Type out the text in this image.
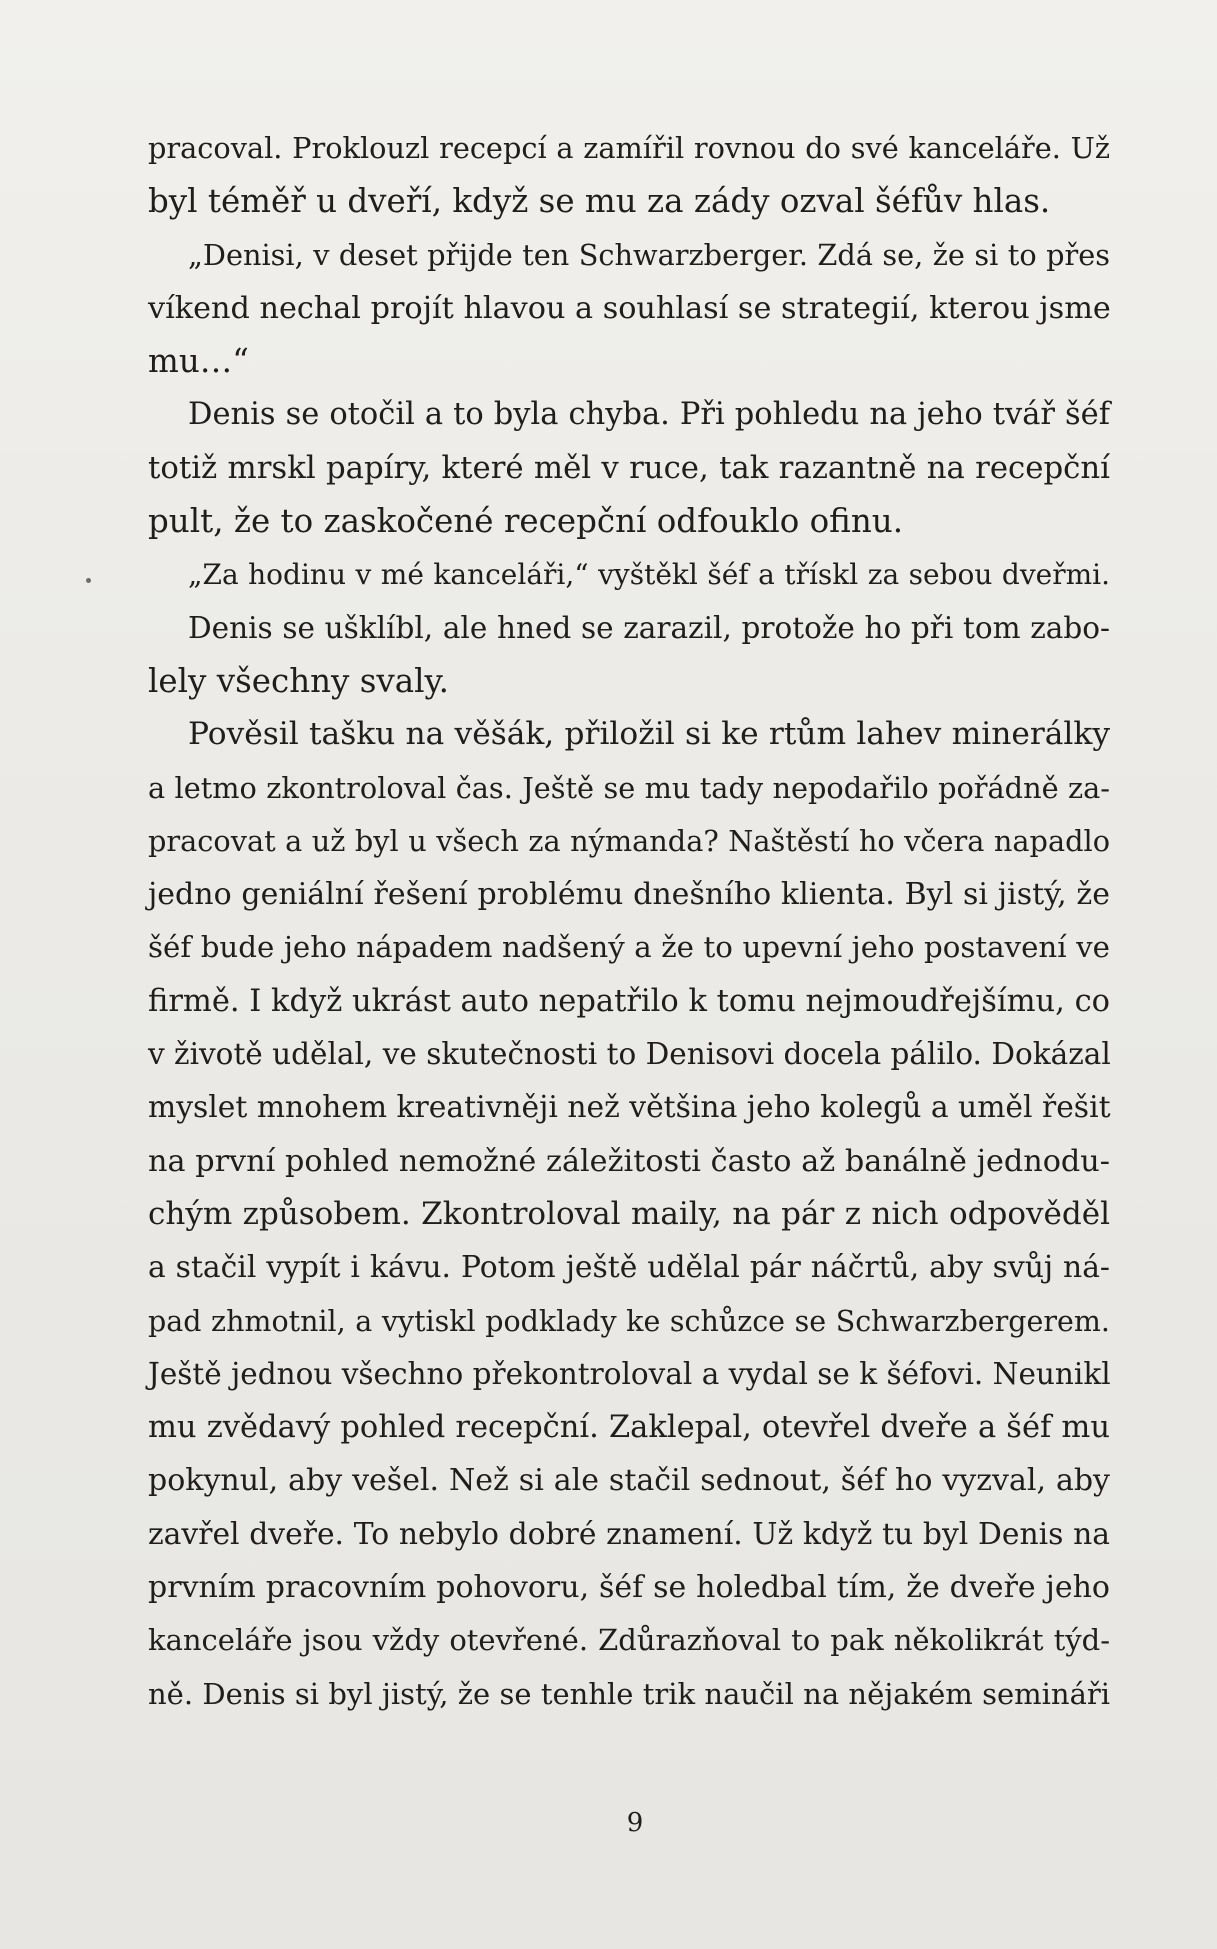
pracoval. Proklouzl recepcí a zamířil rovnou do své kanceláře. Už
byl téměř u dveří, když se mu za zády ozval šéfův hlas.
„Denisi, v deset přijde ten Schwarzberger. Zdá se, že si to přes
víkend nechal projít hlavou a souhlasí se strategií, kterou jsme
mu…“
Denis se otočil a to byla chyba. Při pohledu na jeho tvář šéf
totiž mrskl papíry, které měl v ruce, tak razantně na recepční
pult, že to zaskočené recepční odfouklo ofinu.
„Za hodinu v mé kanceláři,“ vyštěkl šéf a třískl za sebou dveřmi.
Denis se ušklíbl, ale hned se zarazil, protože ho při tom zabo-
lely všechny svaly.
Pověsil tašku na věšák, přiložil si ke rtům lahev minerálky
a letmo zkontroloval čas. Ještě se mu tady nepodařilo pořádně za-
pracovat a už byl u všech za nýmanda? Naštěstí ho včera napadlo
jedno geniální řešení problému dnešního klienta. Byl si jistý, že
šéf bude jeho nápadem nadšený a že to upevní jeho postavení ve
firmě. I když ukrást auto nepatřilo k tomu nejmoudřejšímu, co
v životě udělal, ve skutečnosti to Denisovi docela pálilo. Dokázal
myslet mnohem kreativněji než většina jeho kolegů a uměl řešit
na první pohled nemožné záležitosti často až banálně jednodu-
chým způsobem. Zkontroloval maily, na pár z nich odpověděl
a stačil vypít i kávu. Potom ještě udělal pár náčrtů, aby svůj ná-
pad zhmotnil, a vytiskl podklady ke schůzce se Schwarzbergerem.
Ještě jednou všechno překontroloval a vydal se k šéfovi. Neunikl
mu zvědavý pohled recepční. Zaklepal, otevřel dveře a šéf mu
pokynul, aby vešel. Než si ale stačil sednout, šéf ho vyzval, aby
zavřel dveře. To nebylo dobré znamení. Už když tu byl Denis na
prvním pracovním pohovoru, šéf se holedbal tím, že dveře jeho
kanceláře jsou vždy otevřené. Zdůrazňoval to pak několikrát týd-
ně. Denis si byl jistý, že se tenhle trik naučil na nějakém semináři
9
